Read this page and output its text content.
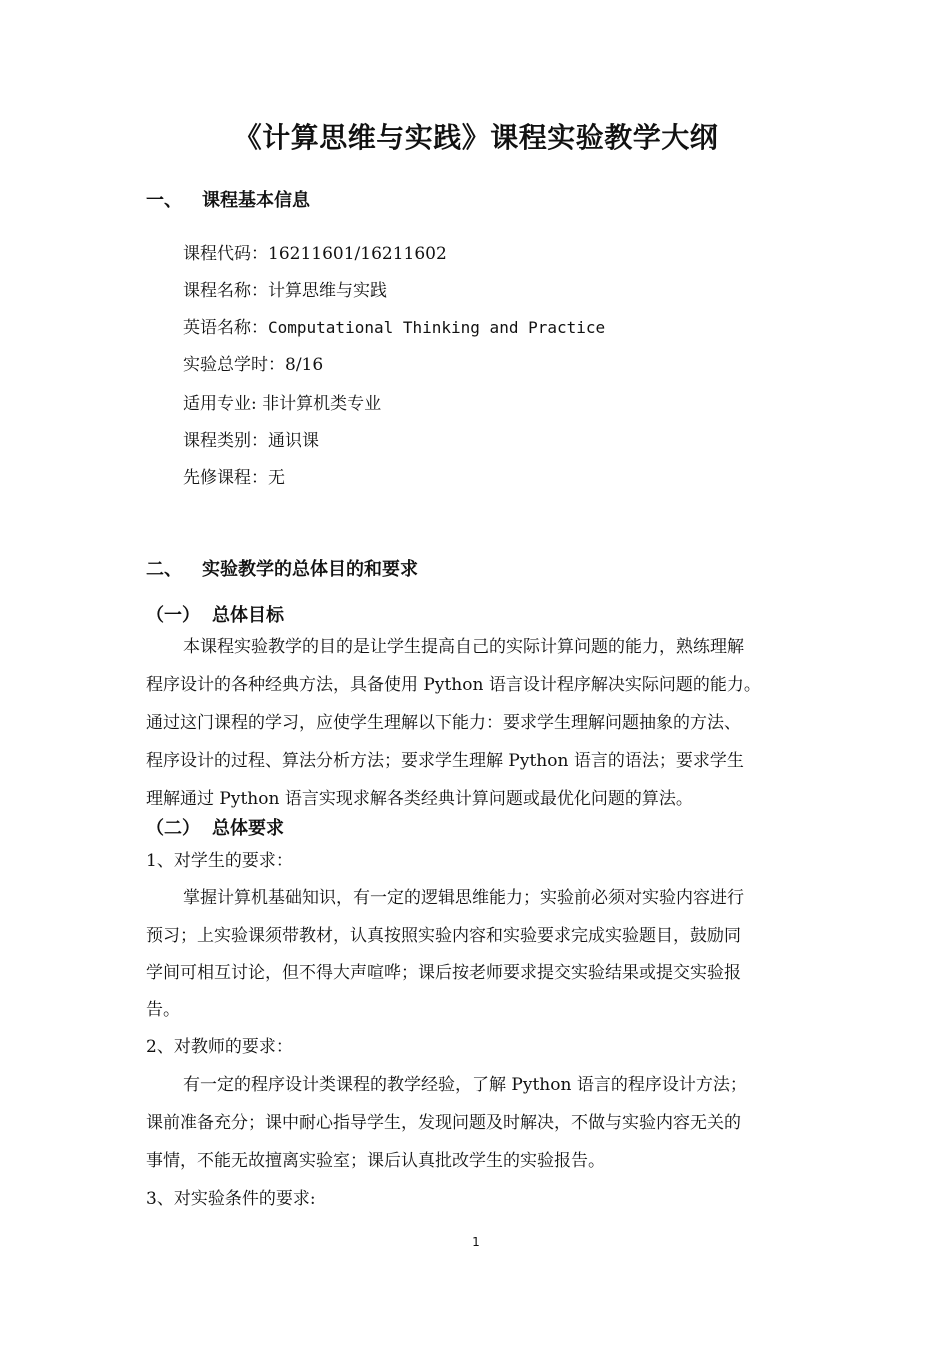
《计算思维与实践》课程实验教学大纲
一、 课程基本信息
课程代码：16211601/16211602
课程名称：计算思维与实践
英语名称：Computational Thinking and Practice
实验总学时：8/16
适用专业: 非计算机类专业
课程类别：通识课
先修课程：无
二、 实验教学的总体目的和要求
（一） 总体目标
本课程实验教学的目的是让学生提高自己的实际计算问题的能力，熟练理解
程序设计的各种经典方法，具备使用 Python 语言设计程序解决实际问题的能力。
通过这门课程的学习，应使学生理解以下能力：要求学生理解问题抽象的方法、
程序设计的过程、算法分析方法；要求学生理解 Python 语言的语法；要求学生
理解通过 Python 语言实现求解各类经典计算问题或最优化问题的算法。
（二） 总体要求
1、对学生的要求：
掌握计算机基础知识，有一定的逻辑思维能力；实验前必须对实验内容进行
预习；上实验课须带教材，认真按照实验内容和实验要求完成实验题目，鼓励同
学间可相互讨论，但不得大声喧哗；课后按老师要求提交实验结果或提交实验报
告。
2、对教师的要求：
有一定的程序设计类课程的教学经验，了解 Python 语言的程序设计方法；
课前准备充分；课中耐心指导学生，发现问题及时解决，不做与实验内容无关的
事情，不能无故擅离实验室；课后认真批改学生的实验报告。
3、对实验条件的要求:
1
